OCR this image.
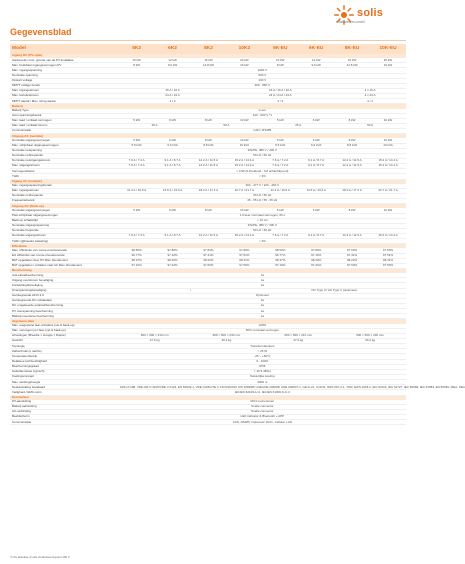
solis
solisinverters.com/nl
Gegevensblad
Model	5K2	6K2	8K2	10K2	5K-EU	6K-EU	8K-EU	10K-EU
Ingang DC (PV-zijde)								
Aanbevolen max. grootte van de PV-installatie	10 kW	12 kW	16 kW	20 kW	10 kW	12 kW	16 kW	20 kW
Max. bruikbaar ingangsvermogen PV	8 kW	9.6 kW	12.8 kW	16 kW	8 kW	9.6 kW	12.8 kW	16 kW
Max. ingangsspanning	1000 V							
Nominale spanning	600 V							
Opstart voltage	160 V							
MPPT voltage bereik	200 - 850 V							
Max. ingangsstroom	16 A / 16 A			16 A / 16 A / 16 A			4 x 16 A	
Max. kortsluitstroom	24 A / 24 A			24 A / 24 A / 24 A			4 x 24 A	
MPPT aantal / Max. string aantal	2 / 2			3 / 3			4 / 4	
Batterij								
Batterij Type	Li-ion							
Accu spanningsbereik	120 - 600 V *1							
Max. laad / ontlaad vermogen	5 kW	6 kW	8 kW	10 kW	5 kW	6 kW	8 kW	10 kW
Max. laad / ontlaad stroom	25 A		50 A		25 A		50 A	
Communicatie	CAN / RS485							
Uitgang AC (netzijde)								
Nominale uitgangsvermogen	5 kW	6 kW	8 kW	10 kW	5 kW	6 kW	8 kW	10 kW
Max. schijnbaar uitgangsvermogen	5.5 kVA	6.6 kVA	8.8 kVA	10 kVA	5.5 kVA	6.6 kVA	8.8 kVA	10 kVA
Nominale netspanning	3/N/PE, 380 V / 400 V							
Nominale netfrequentie	50 Hz / 60 Hz							
Nominale netuitgangsstroom	7.6 A / 7.2 A	9.1 A / 8.7 A	12.2 A / 11.5 A	15.2 A / 14.4 A	7.6 A / 7.2 A	9.1 A / 8.7 A	12.2 A / 11.5 A	15.2 A / 14.4 A
Max. uitgangsstroom	7.6 A / 7.2 A	9.1 A / 8.7 A	12.2 A / 11.5 A	15.2 A / 14.4 A	7.6 A / 7.2 A	9.1 A / 8.7 A	12.2 A / 11.5 A	15.2 A / 14.4 A
Vermogensfactor	> 0.99 (0.8 leidend - 0.8 achterblijvend)							
THDi	< 3%							
Ingang AC (netzijde)								
Max. ingangsspanningsbereik	304 - 477 V / 320 - 460 V							
Max. ingangsstroom	11.4 A / 10.9 A	13.6 A / 13.0 A	18.2 A / 17.4 A	22.7 A / 21.7 A	11.4 A / 10.9 A	13.6 A / 13.0 A	18.2 A / 17.4 A	22.7 A / 21.7 A
Nominale netfrequentie	50 Hz / 60 Hz							
Frequentiebereik	45 - 55 Hz / 55 - 65 Hz							
Uitgang AC (Back-up)								
Nominale uitgangsvermogen	5 kW	6 kW	8 kW	10 kW	5 kW	6 kW	8 kW	10 kW
Piek schijnbaar uitgangsvermogen	1.6 keer nominaal vermogen, 60 s							
Back-up schakeltijd	< 10 ms							
Nominale uitgangsspanning	3/N/PE, 380 V / 400 V							
Nominale frequentie	50 Hz / 60 Hz							
Nominale uitgangsstroom	7.6 A / 7.2 A	9.1 A / 8.7 A	12.2 A / 11.5 A	15.2 A / 14.4 A	7.6 A / 7.2 A	9.1 A / 8.7 A	12.2 A / 11.5 A	15.2 A / 14.4 A
THDv (@lineaire belasting)	< 2%							
Efficiëntie								
Max. efficiëntie van zonne-invertererende	98.50%	97.80%	97.60%	97.60%	98.50%	97.80%	97.60%	97.60%
EU efficiëntie van zonne-invertererende	96.77%	97.10%	97.41%	97.51%	96.77%	97.10%	97.41%	97.51%
BAT opgeladen door PV Max. Rendement	98.37%	98.40%	98.22%	98.31%	98.37%	98.40%	98.22%	98.31%
BAT opgeladen / ontladen naar AC Max. Rendement	97.10%	97.34%	97.60%	97.50%	97.10%	97.34%	97.60%	97.50%
Bescherming								
Anti-eilandbescherming	Ja							
Uitgang overstroom beveiliging	Ja							
Kortsluitingsbeveiliging	Ja							
Overspanningsbeveiliging	/				DC Type II / AC Type II (optioneel)			
Geïntegreerde AFCI 2.0	Optioneel							
Geïntegreerde DC schakelaar	Ja							
DC omgekeerde polariteitbescherming	Ja							
PV overspanning bescherming	Ja							
Batterij-inversieve bescherming	Ja							
Algemene data								
Max. toegestane laar-onbalans (net & back-up)	100%							
Max. vermogen per fase (net & back-up)	50% nominaal vermogen							
Afmetingen (Breedte × Hoogte × Diepte)	600 × 500 × 210 mm		600 × 500 × 230 mm		600 × 500 × 210 mm		600 × 500 × 230 mm	
Gewicht	27.6 kg		30.2 kg		27.6 kg		30.2 kg	
Topologie	Transformatorloos							
Zelfverbruik (s nachts)	< 25 W							
Temperatuurbereik	-25 ~ +60°C							
Relatieve luchtvochtigheid	0 - 100%							
Beschermingsgraad	IP66							
Geluidsemissie (typisch)	< 40.5 dB(A)							
Koelingsconcept	Natuurlijke koeling							
Max. werkingshoogte	4000 m							
Netaansluiting standaard	G99 of G98, VDE-AR-N 4105/VDE V 0124, EN 50549-1, VDE 0126/UTE C 15/VFR2019, RD 1699/RD 244/UNE 206006/ UNE 206007-1, CEI 0-21, C10/11, NRS 097-2-1, TOR, EIFS 2018.2, IEC 62116, IEC 61727, IEC 60068, IEC 61683, EN 50530, MEA, PEA							
Veiligheid / EMC-norm	IEC/EN 62109-1/-2, IEC/EN 61000-6-1/-3							
Kenmerken								
PV-aansluiting	MC4 connectoren							
Batterij aansluiting	Snelle connector							
AC-verbinding	Snelle connector							
Beeldscherm	LED indicator & Bluetooth + APP							
Communicatie	CAN, RS485, Optioneel: Wi-Fi, Cellular, LAN							
*1 De absolute of vele Ondersteuning Het 160 V.
